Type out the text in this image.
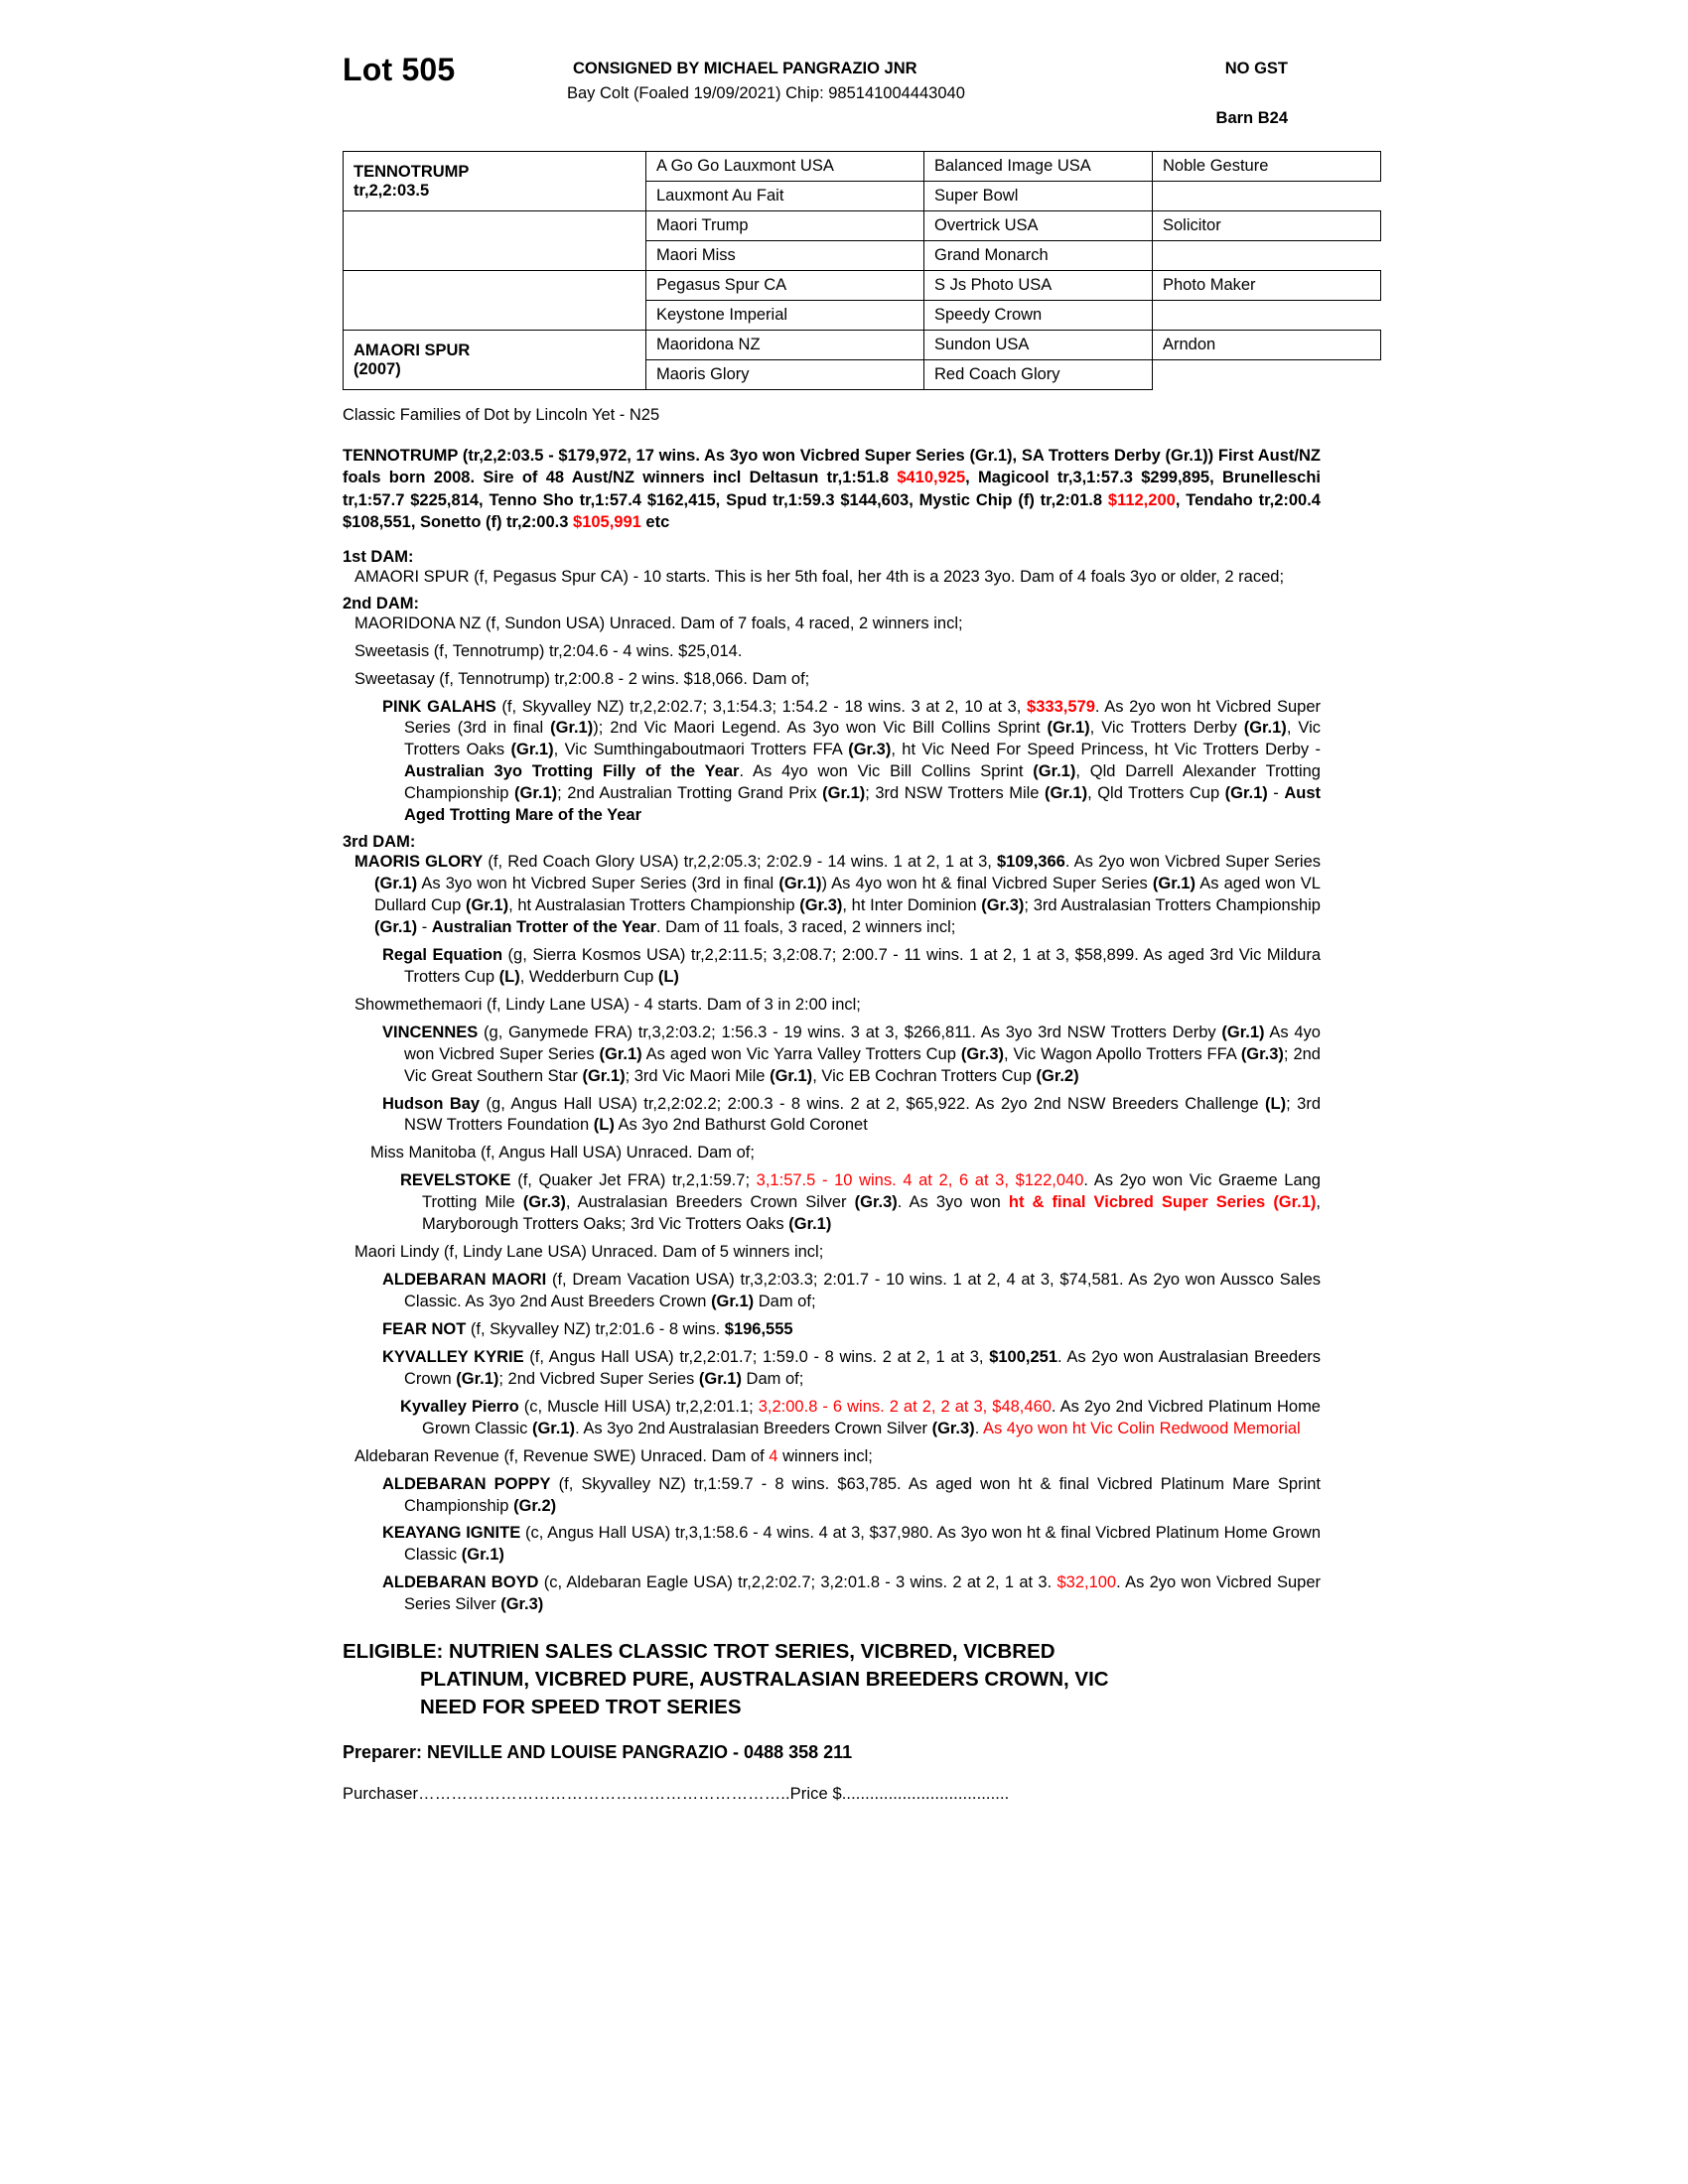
Lot 505	CONSIGNED BY MICHAEL PANGRAZIO JNR	NO GST
Bay Colt (Foaled 19/09/2021) Chip: 985141004443040
Barn B24
TENNOTRUMP
tr,2,2:03.5	A Go Go Lauxmont USA	Balanced Image USA	Noble Gesture
	Lauxmont Au Fait	Super Bowl	
	Maori Trump	Overtrick USA	Solicitor
	Maori Miss	Grand Monarch	
	Pegasus Spur CA	S Js Photo USA	Photo Maker
	Keystone Imperial	Speedy Crown	

AMAORI SPUR
(2007)	Maoridona NZ	Sundon USA	Arndon
	Maoris Glory	Red Coach Glory	
Classic Families of Dot by Lincoln Yet - N25
TENNOTRUMP (tr,2,2:03.5 - $179,972, 17 wins. As 3yo won Vicbred Super Series (Gr.1), SA Trotters Derby (Gr.1)) First Aust/NZ foals born 2008. Sire of 48 Aust/NZ winners incl Deltasun tr,1:51.8 $410,925, Magicool tr,3,1:57.3 $299,895, Brunelleschi tr,1:57.7 $225,814, Tenno Sho tr,1:57.4 $162,415, Spud tr,1:59.3 $144,603, Mystic Chip (f) tr,2:01.8 $112,200, Tendaho tr,2:00.4 $108,551, Sonetto (f) tr,2:00.3 $105,991 etc
1st DAM:
AMAORI SPUR (f, Pegasus Spur CA) - 10 starts. This is her 5th foal, her 4th is a 2023 3yo. Dam of 4 foals 3yo or older, 2 raced;
2nd DAM:
MAORIDONA NZ (f, Sundon USA) Unraced. Dam of 7 foals, 4 raced, 2 winners incl;
Sweetasis (f, Tennotrump) tr,2:04.6 - 4 wins. $25,014.
Sweetasay (f, Tennotrump) tr,2:00.8 - 2 wins. $18,066. Dam of;
PINK GALAHS (f, Skyvalley NZ) tr,2,2:02.7; 3,1:54.3; 1:54.2 - 18 wins. 3 at 2, 10 at 3, $333,579. As 2yo won ht Vicbred Super Series (3rd in final (Gr.1)); 2nd Vic Maori Legend. As 3yo won Vic Bill Collins Sprint (Gr.1), Vic Trotters Derby (Gr.1), Vic Trotters Oaks (Gr.1), Vic Sumthingaboutmaori Trotters FFA (Gr.3), ht Vic Need For Speed Princess, ht Vic Trotters Derby - Australian 3yo Trotting Filly of the Year. As 4yo won Vic Bill Collins Sprint (Gr.1), Qld Darrell Alexander Trotting Championship (Gr.1); 2nd Australian Trotting Grand Prix (Gr.1); 3rd NSW Trotters Mile (Gr.1), Qld Trotters Cup (Gr.1) - Aust Aged Trotting Mare of the Year
3rd DAM:
MAORIS GLORY (f, Red Coach Glory USA) tr,2,2:05.3; 2:02.9 - 14 wins. 1 at 2, 1 at 3, $109,366. As 2yo won Vicbred Super Series (Gr.1) As 3yo won ht Vicbred Super Series (3rd in final (Gr.1)) As 4yo won ht & final Vicbred Super Series (Gr.1) As aged won VL Dullard Cup (Gr.1), ht Australasian Trotters Championship (Gr.3), ht Inter Dominion (Gr.3); 3rd Australasian Trotters Championship (Gr.1) - Australian Trotter of the Year. Dam of 11 foals, 3 raced, 2 winners incl;
Regal Equation (g, Sierra Kosmos USA) tr,2,2:11.5; 3,2:08.7; 2:00.7 - 11 wins. 1 at 2, 1 at 3, $58,899. As aged 3rd Vic Mildura Trotters Cup (L), Wedderburn Cup (L)
Showmethemaori (f, Lindy Lane USA) - 4 starts. Dam of 3 in 2:00 incl;
VINCENNES (g, Ganymede FRA) tr,3,2:03.2; 1:56.3 - 19 wins. 3 at 3, $266,811. As 3yo 3rd NSW Trotters Derby (Gr.1) As 4yo won Vicbred Super Series (Gr.1) As aged won Vic Yarra Valley Trotters Cup (Gr.3), Vic Wagon Apollo Trotters FFA (Gr.3); 2nd Vic Great Southern Star (Gr.1); 3rd Vic Maori Mile (Gr.1), Vic EB Cochran Trotters Cup (Gr.2)
Hudson Bay (g, Angus Hall USA) tr,2,2:02.2; 2:00.3 - 8 wins. 2 at 2, $65,922. As 2yo 2nd NSW Breeders Challenge (L); 3rd NSW Trotters Foundation (L) As 3yo 2nd Bathurst Gold Coronet
Miss Manitoba (f, Angus Hall USA) Unraced. Dam of;
REVELSTOKE (f, Quaker Jet FRA) tr,2,1:59.7; 3,1:57.5 - 10 wins. 4 at 2, 6 at 3, $122,040. As 2yo won Vic Graeme Lang Trotting Mile (Gr.3), Australasian Breeders Crown Silver (Gr.3). As 3yo won ht & final Vicbred Super Series (Gr.1), Maryborough Trotters Oaks; 3rd Vic Trotters Oaks (Gr.1)
Maori Lindy (f, Lindy Lane USA) Unraced. Dam of 5 winners incl;
ALDEBARAN MAORI (f, Dream Vacation USA) tr,3,2:03.3; 2:01.7 - 10 wins. 1 at 2, 4 at 3, $74,581. As 2yo won Aussco Sales Classic. As 3yo 2nd Aust Breeders Crown (Gr.1) Dam of;
FEAR NOT (f, Skyvalley NZ) tr,2:01.6 - 8 wins. $196,555
KYVALLEY KYRIE (f, Angus Hall USA) tr,2,2:01.7; 1:59.0 - 8 wins. 2 at 2, 1 at 3, $100,251. As 2yo won Australasian Breeders Crown (Gr.1); 2nd Vicbred Super Series (Gr.1) Dam of;
Kyvalley Pierro (c, Muscle Hill USA) tr,2,2:01.1; 3,2:00.8 - 6 wins. 2 at 2, 2 at 3, $48,460. As 2yo 2nd Vicbred Platinum Home Grown Classic (Gr.1). As 3yo 2nd Australasian Breeders Crown Silver (Gr.3). As 4yo won ht Vic Colin Redwood Memorial
Aldebaran Revenue (f, Revenue SWE) Unraced. Dam of 4 winners incl;
ALDEBARAN POPPY (f, Skyvalley NZ) tr,1:59.7 - 8 wins. $63,785. As aged won ht & final Vicbred Platinum Mare Sprint Championship (Gr.2)
KEAYANG IGNITE (c, Angus Hall USA) tr,3,1:58.6 - 4 wins. 4 at 3, $37,980. As 3yo won ht & final Vicbred Platinum Home Grown Classic (Gr.1)
ALDEBARAN BOYD (c, Aldebaran Eagle USA) tr,2,2:02.7; 3,2:01.8 - 3 wins. 2 at 2, 1 at 3. $32,100. As 2yo won Vicbred Super Series Silver (Gr.3)
ELIGIBLE: NUTRIEN SALES CLASSIC TROT SERIES, VICBRED, VICBRED
PLATINUM, VICBRED PURE, AUSTRALASIAN BREEDERS CROWN, VIC
NEED FOR SPEED TROT SERIES
Preparer: NEVILLE AND LOUISE PANGRAZIO - 0488 358 211
Purchaser…………………………………………………………..Price $....................................
